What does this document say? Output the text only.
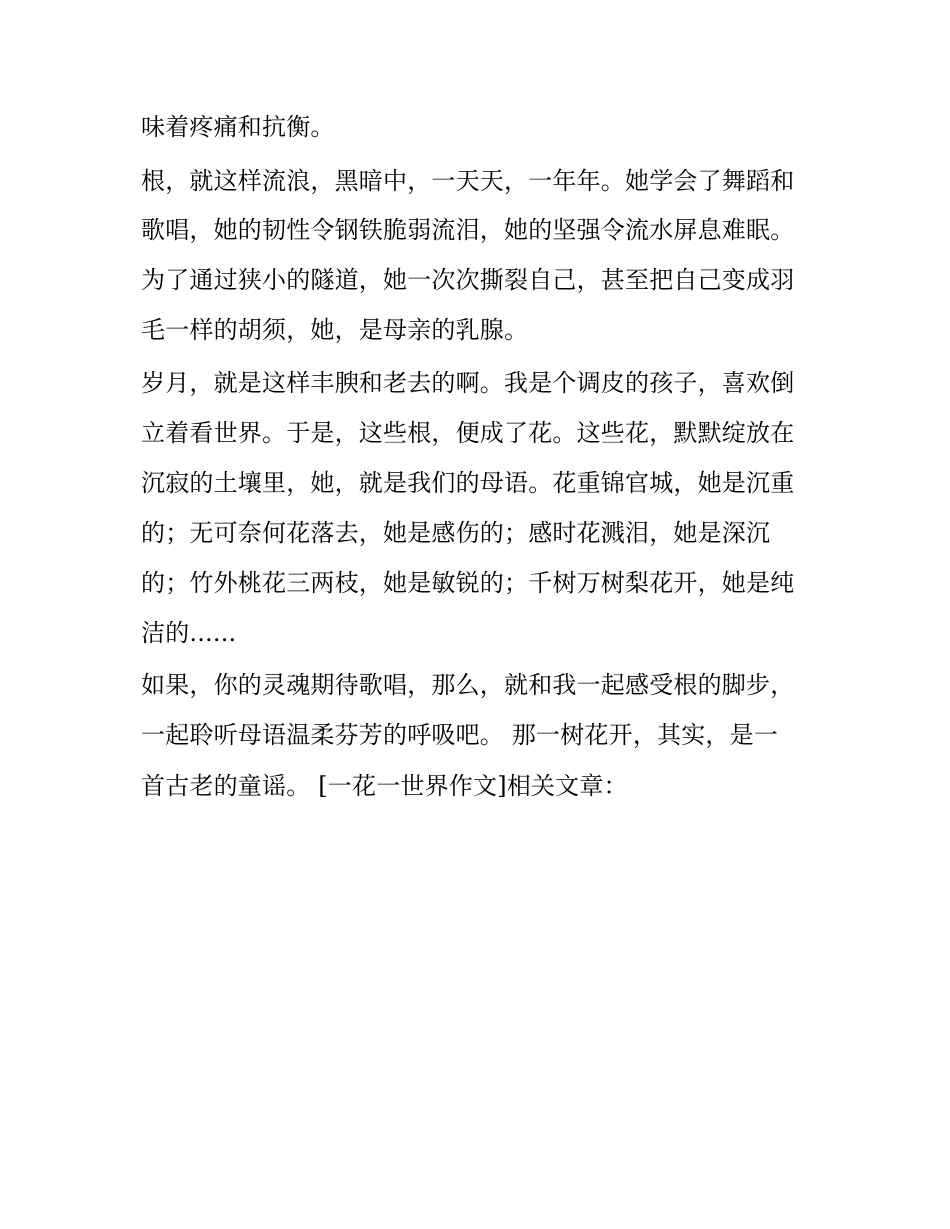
味着疼痛和抗衡。
根，就这样流浪，黑暗中，一天天，一年年。她学会了舞蹈和
歌唱，她的韧性令钢铁脆弱流泪，她的坚强令流水屏息难眠。
为了通过狭小的隧道，她一次次撕裂自己，甚至把自己变成羽
毛一样的胡须，她，是母亲的乳腺。
岁月，就是这样丰腴和老去的啊。我是个调皮的孩子，喜欢倒
立着看世界。于是，这些根，便成了花。这些花，默默绽放在
沉寂的土壤里，她，就是我们的母语。花重锦官城，她是沉重
的；无可奈何花落去，她是感伤的；感时花溅泪，她是深沉
的；竹外桃花三两枝，她是敏锐的；千树万树梨花开，她是纯
洁的......
如果，你的灵魂期待歌唱，那么，就和我一起感受根的脚步，
一起聆听母语温柔芬芳的呼吸吧。 那一树花开，其实，是一
首古老的童谣。 [一花一世界作文]相关文章：
